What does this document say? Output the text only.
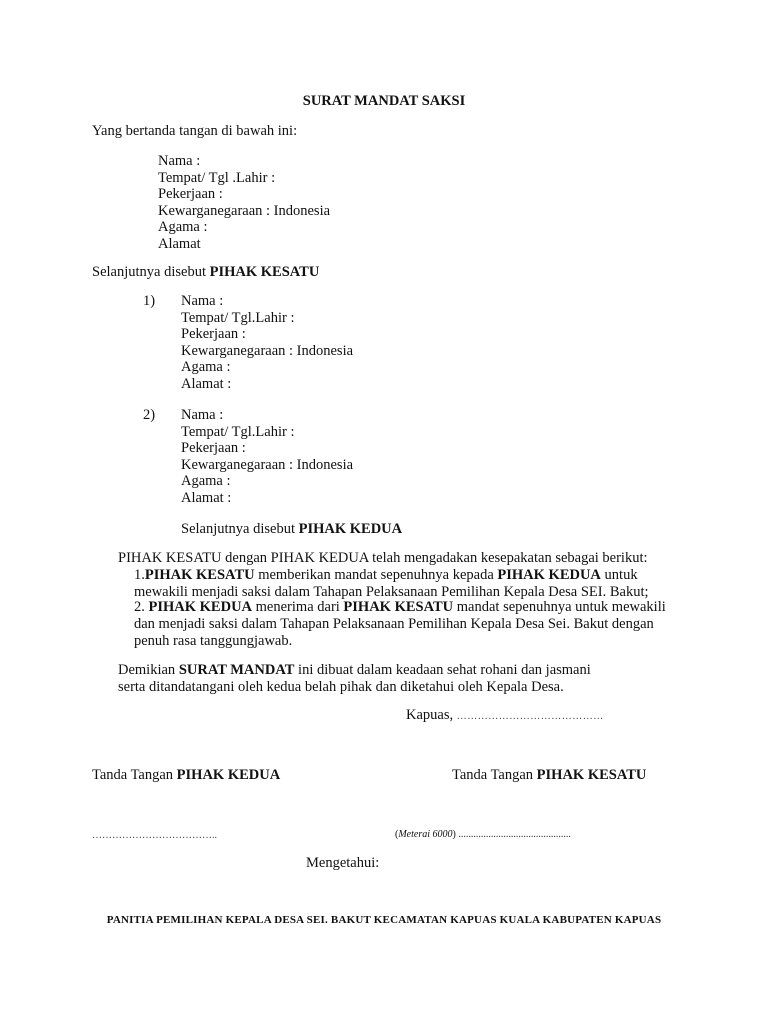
SURAT MANDAT SAKSI
Yang bertanda tangan di bawah ini:
Nama :
Tempat/ Tgl .Lahir :
Pekerjaan :
Kewarganegaraan : Indonesia
Agama :
Alamat
Selanjutnya disebut PIHAK KESATU
1) Nama :
Tempat/ Tgl.Lahir :
Pekerjaan :
Kewarganegaraan : Indonesia
Agama :
Alamat :
2) Nama :
Tempat/ Tgl.Lahir :
Pekerjaan :
Kewarganegaraan : Indonesia
Agama :
Alamat :
Selanjutnya disebut PIHAK KEDUA
PIHAK KESATU dengan PIHAK KEDUA telah mengadakan kesepakatan sebagai berikut:
1.PIHAK KESATU memberikan mandat sepenuhnya kepada PIHAK KEDUA untuk mewakili menjadi saksi dalam Tahapan Pelaksanaan Pemilihan Kepala Desa SEI. Bakut;
2. PIHAK KEDUA menerima dari PIHAK KESATU mandat sepenuhnya untuk mewakili dan menjadi saksi dalam Tahapan Pelaksanaan Pemilihan Kepala Desa Sei. Bakut dengan penuh rasa tanggungjawab.
Demikian SURAT MANDAT ini dibuat dalam keadaan sehat rohani dan jasmani serta ditandatangani oleh kedua belah pihak dan diketahui oleh Kepala Desa.
Kapuas, ……………………………………
Tanda Tangan PIHAK KEDUA	Tanda Tangan PIHAK KESATU
………………………………..	(Meterai 6000) .............................................
Mengetahui:
PANITIA PEMILIHAN KEPALA DESA SEI. BAKUT KECAMATAN KAPUAS KUALA KABUPATEN KAPUAS
